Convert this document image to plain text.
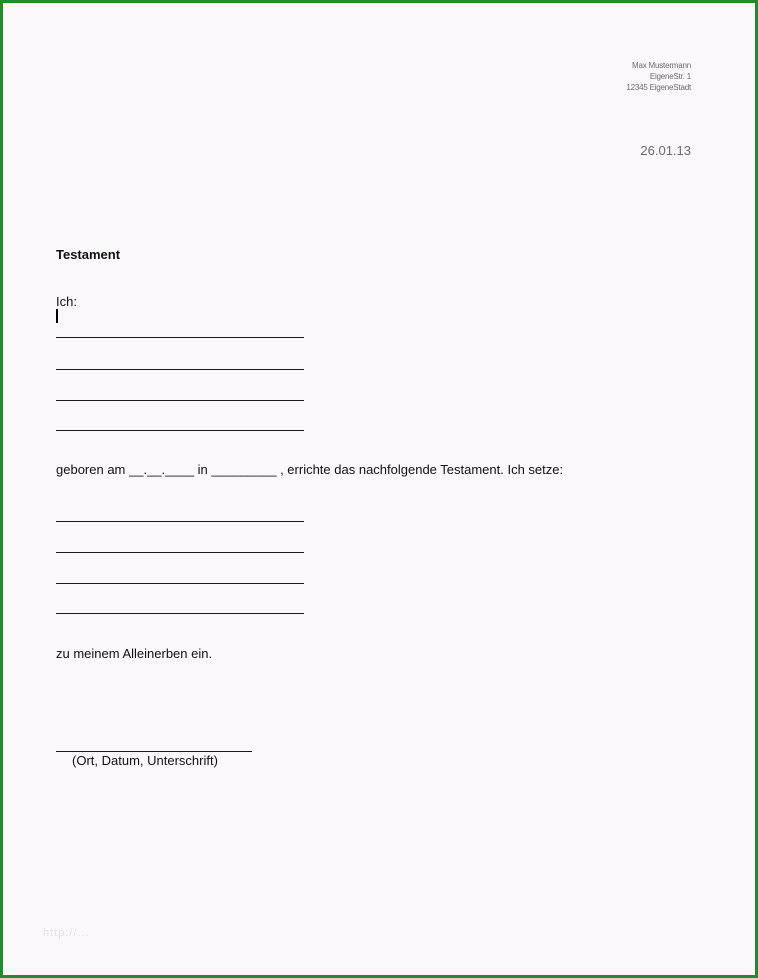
Max Mustermann
EigeneStr. 1
12345 EigeneStadt
26.01.13
Testament
Ich:
geboren am __.__.____ in _________ , errichte das nachfolgende Testament. Ich setze:
zu meinem Alleinerben ein.
(Ort, Datum, Unterschrift)
http://...
